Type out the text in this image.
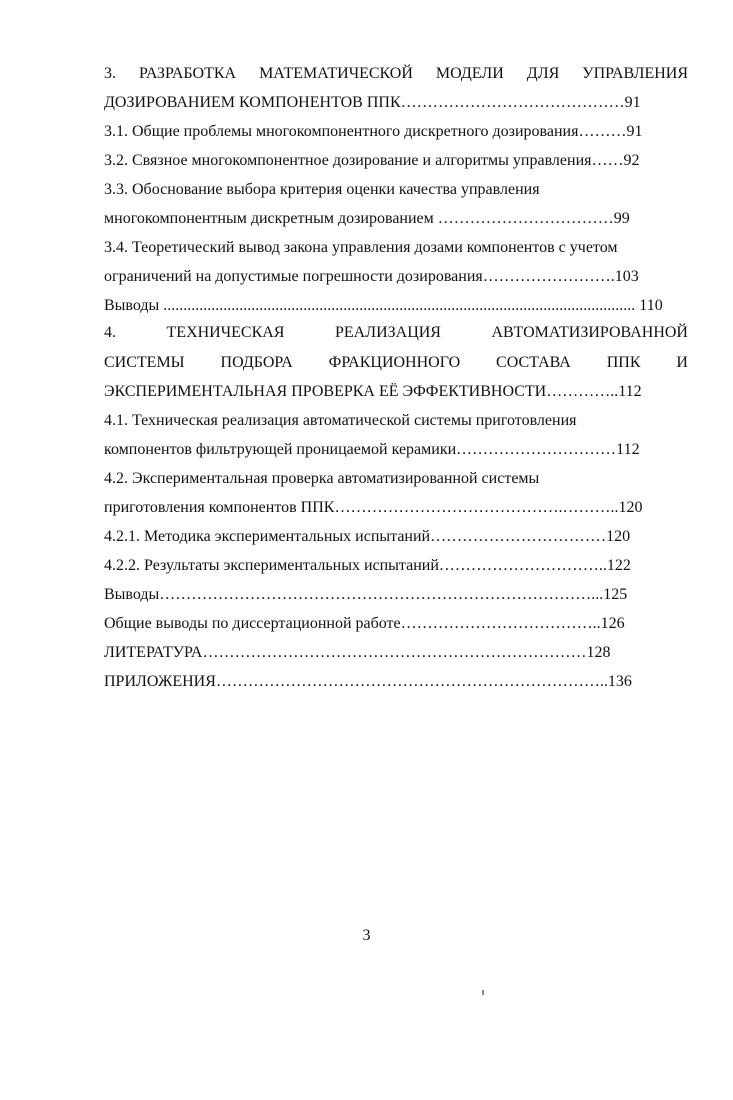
3. РАЗРАБОТКА МАТЕМАТИЧЕСКОЙ МОДЕЛИ ДЛЯ УПРАВЛЕНИЯ
ДОЗИРОВАНИЕМ КОМПОНЕНТОВ ППК……………………………………91
3.1. Общие проблемы многокомпонентного дискретного дозирования………91
3.2. Связное многокомпонентное дозирование и алгоритмы управления……92
3.3. Обоснование выбора критерия оценки качества управления
многокомпонентным дискретным дозированием ……………………………99
3.4. Теоретический вывод закона управления дозами компонентов с учетом
ограничений на допустимые погрешности дозирования…………………….103
Выводы ...................................................................................................................... 110
4.	ТЕХНИЧЕСКАЯ	РЕАЛИЗАЦИЯ	АВТОМАТИЗИРОВАННОЙ
СИСТЕМЫ ПОДБОРА ФРАКЦИОННОГО СОСТАВА ППК И
ЭКСПЕРИМЕНТАЛЬНАЯ ПРОВЕРКА ЕЁ ЭФФЕКТИВНОСТИ…………..112
4.1. Техническая реализация автоматической системы приготовления
компонентов фильтрующей проницаемой керамики…………………………112
4.2. Экспериментальная проверка автоматизированной системы
приготовления компонентов ППК…………………………………….………..120
4.2.1. Методика экспериментальных испытаний……………………………120
4.2.2. Результаты экспериментальных испытаний…………………………..122
Выводы………………………………………………………………………...125
Общие выводы по диссертационной работе………………………………..126
ЛИТЕРАТУРА………………………………………………………………128
ПРИЛОЖЕНИЯ………………………………………………………………..136
3
